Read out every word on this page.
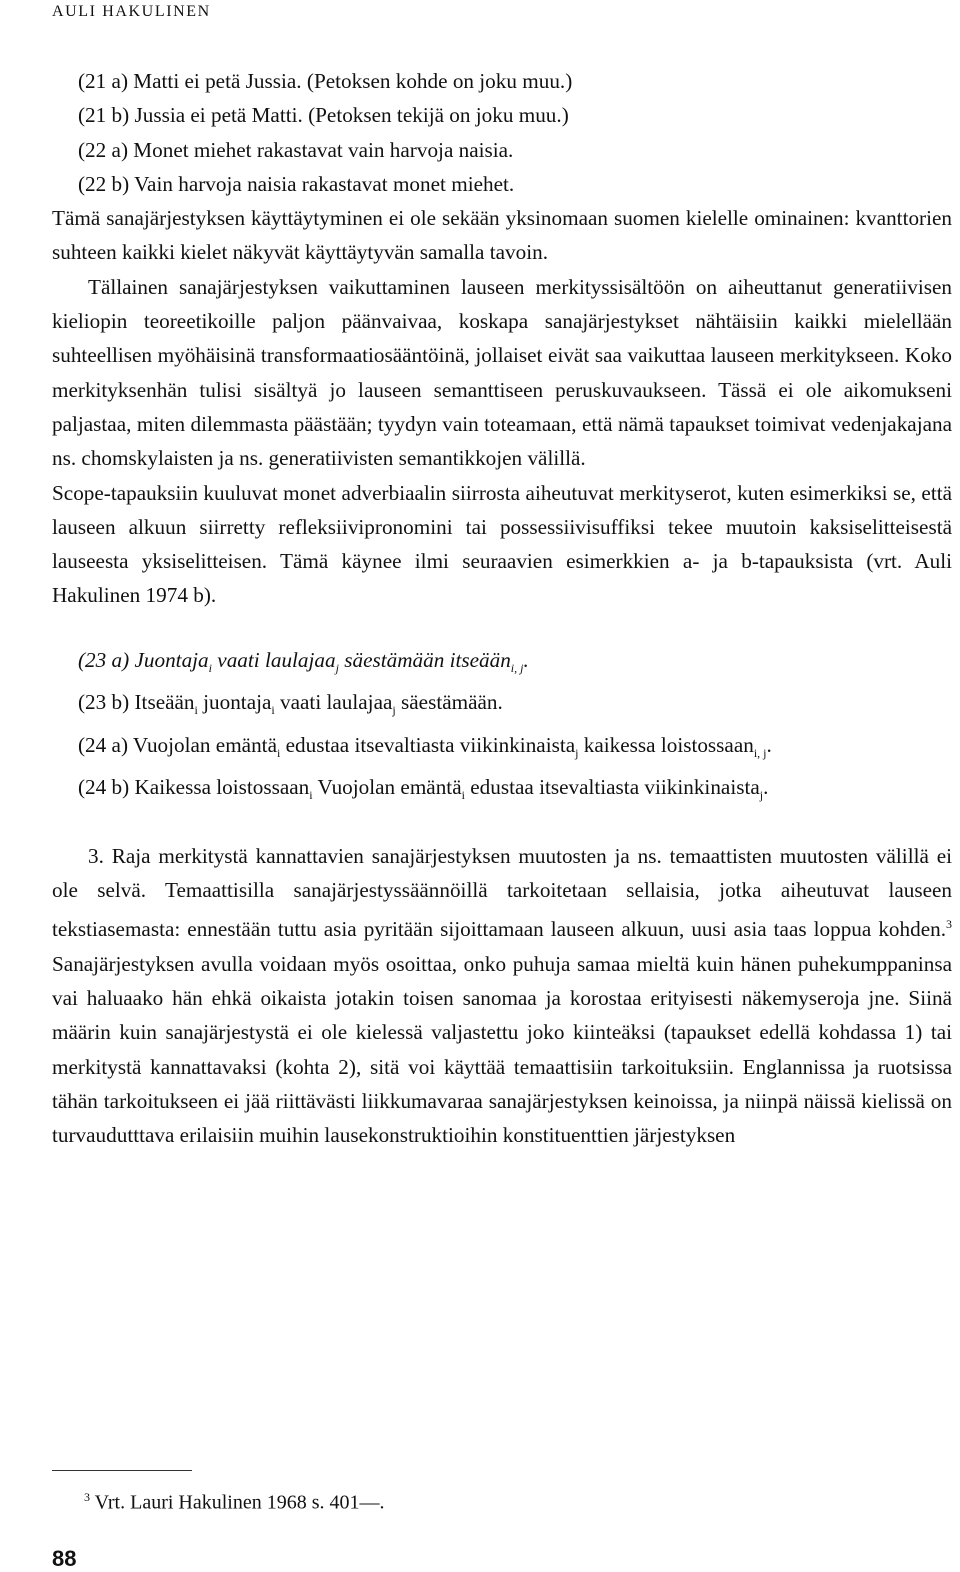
AULI HAKULINEN
(21 a) Matti ei petä Jussia. (Petoksen kohde on joku muu.)
(21 b) Jussia ei petä Matti. (Petoksen tekijä on joku muu.)
(22 a) Monet miehet rakastavat vain harvoja naisia.
(22 b) Vain harvoja naisia rakastavat monet miehet.

Tämä sanajärjestyksen käyttäytyminen ei ole sekään yksinomaan suomen kielelle ominainen: kvanttorien suhteen kaikki kielet näkyvät käyttäytyvän samalla tavoin.

Tällainen sanajärjestyksen vaikuttaminen lauseen merkityssisältöön on aiheuttanut generatiivisen kieliopin teoreetikoille paljon päänvaivaa, koskapa sanajärjestykset nähtäisiin kaikki mielellään suhteellisen myöhäisinä transformaatiosääntöinä, jollaiset eivät saa vaikuttaa lauseen merkitykseen. Koko merkityksenhän tulisi sisältyä jo lauseen semanttiseen peruskuvaukseen. Tässä ei ole aikomukseni paljastaa, miten dilemmasta päästään; tyydyn vain toteamaan, että nämä tapaukset toimivat vedenjakajana ns. chomskylaisten ja ns. generatiivisten semantikkojen välillä.

Scope-tapauksiin kuuluvat monet adverbiaalin siirrosta aiheutuvat merkityserot, kuten esimerkiksi se, että lauseen alkuun siirretty refleksiivipronomini tai possessiivisuffiksi tekee muutoin kaksiselitteisestä lauseesta yksiselitteisen. Tämä käynee ilmi seuraavien esimerkkien a- ja b-tapauksista (vrt. Auli Hakulinen 1974 b).

(23 a) Juontaja$_i$ vaati laulajaa$_j$ säestämään itseään$_{i, j}$.
(23 b) Itseään$_i$ juontaja$_i$ vaati laulajaa$_j$ säestämään.
(24 a) Vuojolan emäntä$_i$ edustaa itsevaltiasta viikinkinaista$_j$ kaikessa loistossaan$_{i, j}$.
(24 b) Kaikessa loistossaan$_i$ Vuojolan emäntä$_i$ edustaa itsevaltiasta viikinkinaista$_j$.

3. Raja merkitystä kannattavien sanajärjestyksen muutosten ja ns. temaattisten muutosten välillä ei ole selvä. Temaattisilla sanajärjestyssäännöillä tarkoitetaan sellaisia, jotka aiheutuvat lauseen tekstiasemasta: ennestään tuttu asia pyritään sijoittamaan lauseen alkuun, uusi asia taas loppua kohden.$^3$ Sanajärjestyksen avulla voidaan myös osoittaa, onko puhuja samaa mieltä kuin hänen puhekumppaninsa vai haluaako hän ehkä oikaista jotakin toisen sanomaa ja korostaa erityisesti näkemyseroja jne. Siinä määrin kuin sanajärjestystä ei ole kielessä valjastettu joko kiinteäksi (tapaukset edellä kohdassa 1) tai merkitystä kannattavaksi (kohta 2), sitä voi käyttää temaattisiin tarkoituksiin. Englannissa ja ruotsissa tähän tarkoitukseen ei jää riittävästi liikkumavaraa sanajärjestyksen keinoissa, ja niinpä näissä kielissä on turvaudutttava erilaisiin muihin lausekonstruktioihin konstituenttien järjestyksen

$^3$ Vrt. Lauri Hakulinen 1968 s. 401—.
88
